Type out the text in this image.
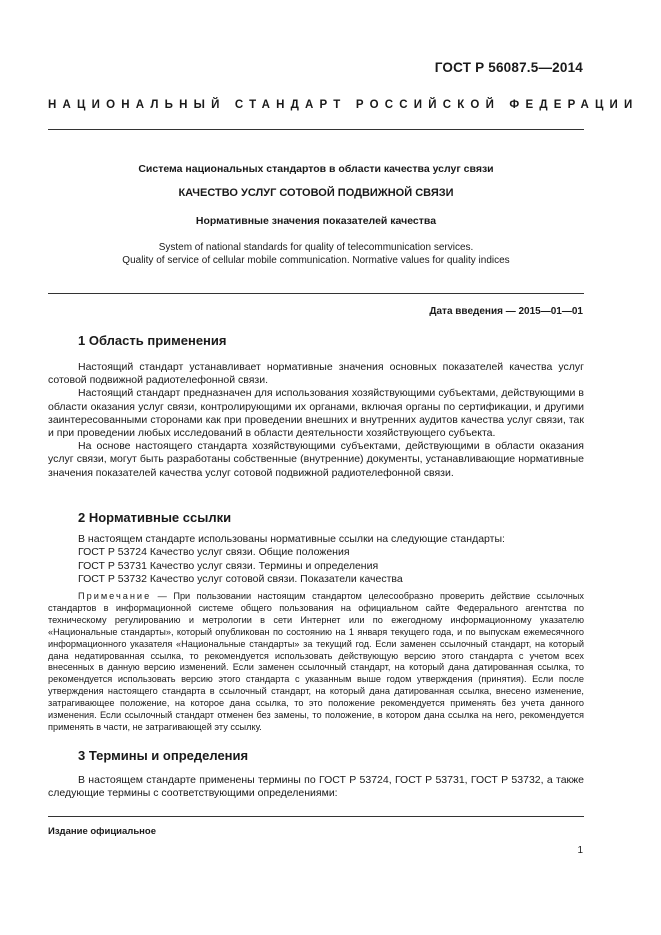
ГОСТ Р 56087.5—2014
НАЦИОНАЛЬНЫЙ СТАНДАРТ РОССИЙСКОЙ ФЕДЕРАЦИИ
Система национальных стандартов в области качества услуг связи
КАЧЕСТВО УСЛУГ СОТОВОЙ ПОДВИЖНОЙ СВЯЗИ
Нормативные значения показателей качества
System of national standards for quality of telecommunication services.
Quality of service of cellular mobile communication. Normative values for quality indices
Дата введения — 2015—01—01
1 Область применения

Настоящий стандарт устанавливает нормативные значения основных показателей качества услуг сотовой подвижной радиотелефонной связи.

Настоящий стандарт предназначен для использования хозяйствующими субъектами, действующими в области оказания услуг связи, контролирующими их органами, включая органы по сертификации, и другими заинтересованными сторонами как при проведении внешних и внутренних аудитов качества услуг связи, так и при проведении любых исследований в области деятельности хозяйствующего субъекта.

На основе настоящего стандарта хозяйствующими субъектами, действующими в области оказания услуг связи, могут быть разработаны собственные (внутренние) документы, устанавливающие нормативные значения показателей качества услуг сотовой подвижной радиотелефонной связи.

2 Нормативные ссылки
В настоящем стандарте использованы нормативные ссылки на следующие стандарты:
ГОСТ Р 53724 Качество услуг связи. Общие положения
ГОСТ Р 53731 Качество услуг связи. Термины и определения
ГОСТ Р 53732 Качество услуг сотовой связи. Показатели качества

Примечание — При пользовании настоящим стандартом целесообразно проверить действие ссылочных стандартов в информационной системе общего пользования на официальном сайте Федерального агентства по техническому регулированию и метрологии в сети Интернет или по ежегодному информационному указателю «Национальные стандарты», который опубликован по состоянию на 1 января текущего года, и по выпускам ежемесячного информационного указателя «Национальные стандарты» за текущий год. Если заменен ссылочный стандарт, на который дана недатированная ссылка, то рекомендуется использовать действующую версию этого стандарта с учетом всех внесенных в данную версию изменений. Если заменен ссылочный стандарт, на который дана датированная ссылка, то рекомендуется использовать версию этого стандарта с указанным выше годом утверждения (принятия). Если после утверждения настоящего стандарта в ссылочный стандарт, на который дана датированная ссылка, внесено изменение, затрагивающее положение, на которое дана ссылка, то это положение рекомендуется применять без учета данного изменения. Если ссылочный стандарт отменен без замены, то положение, в котором дана ссылка на него, рекомендуется применять в части, не затрагивающей эту ссылку.

3 Термины и определения

В настоящем стандарте применены термины по ГОСТ Р 53724, ГОСТ Р 53731, ГОСТ Р 53732, а также следующие термины с соответствующими определениями:

Издание официальное
1
